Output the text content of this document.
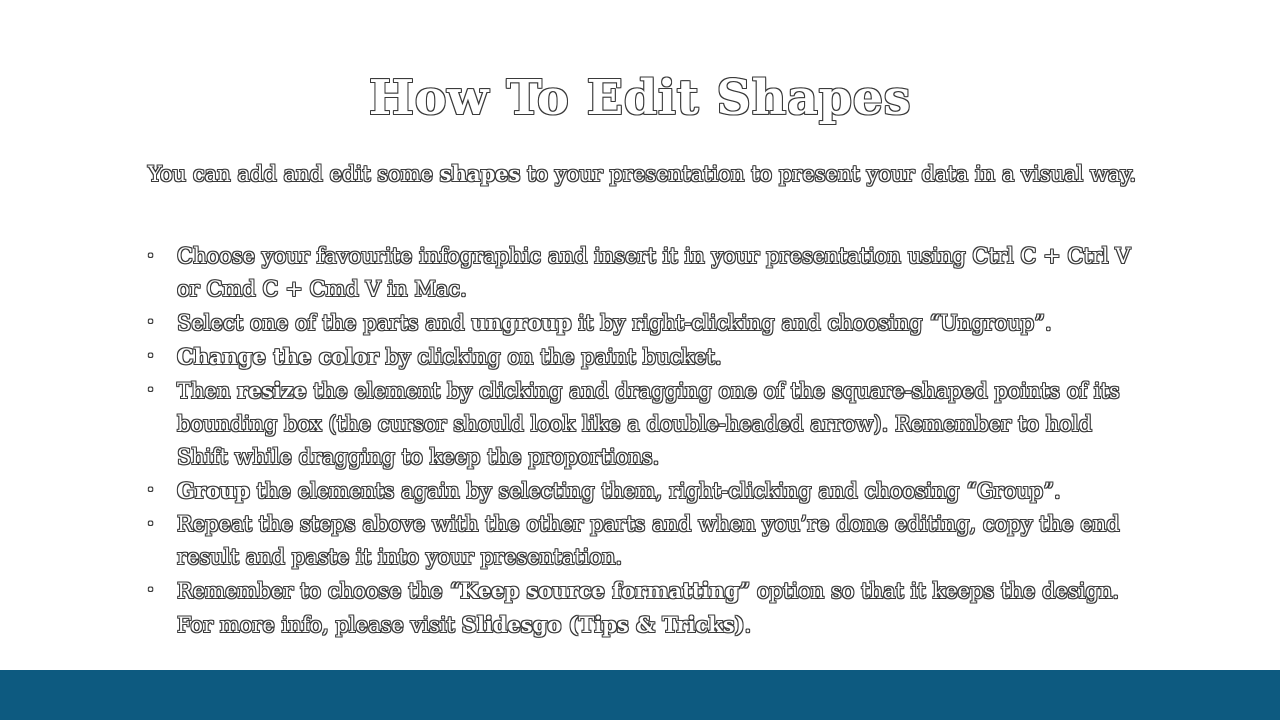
How To Edit Shapes
You can add and edit some shapes to your presentation to present your data in a visual way.
• Choose your favourite infographic and insert it in your presentation using Ctrl C + Ctrl V or Cmd C + Cmd V in Mac.
• Select one of the parts and ungroup it by right-clicking and choosing “Ungroup”.
• Change the color by clicking on the paint bucket.
• Then resize the element by clicking and dragging one of the square-shaped points of its bounding box (the cursor should look like a double-headed arrow). Remember to hold Shift while dragging to keep the proportions.
• Group the elements again by selecting them, right-clicking and choosing “Group”.
• Repeat the steps above with the other parts and when you’re done editing, copy the end result and paste it into your presentation.
• Remember to choose the “Keep source formatting” option so that it keeps the design. For more info, please visit Slidesgo (Tips & Tricks).
